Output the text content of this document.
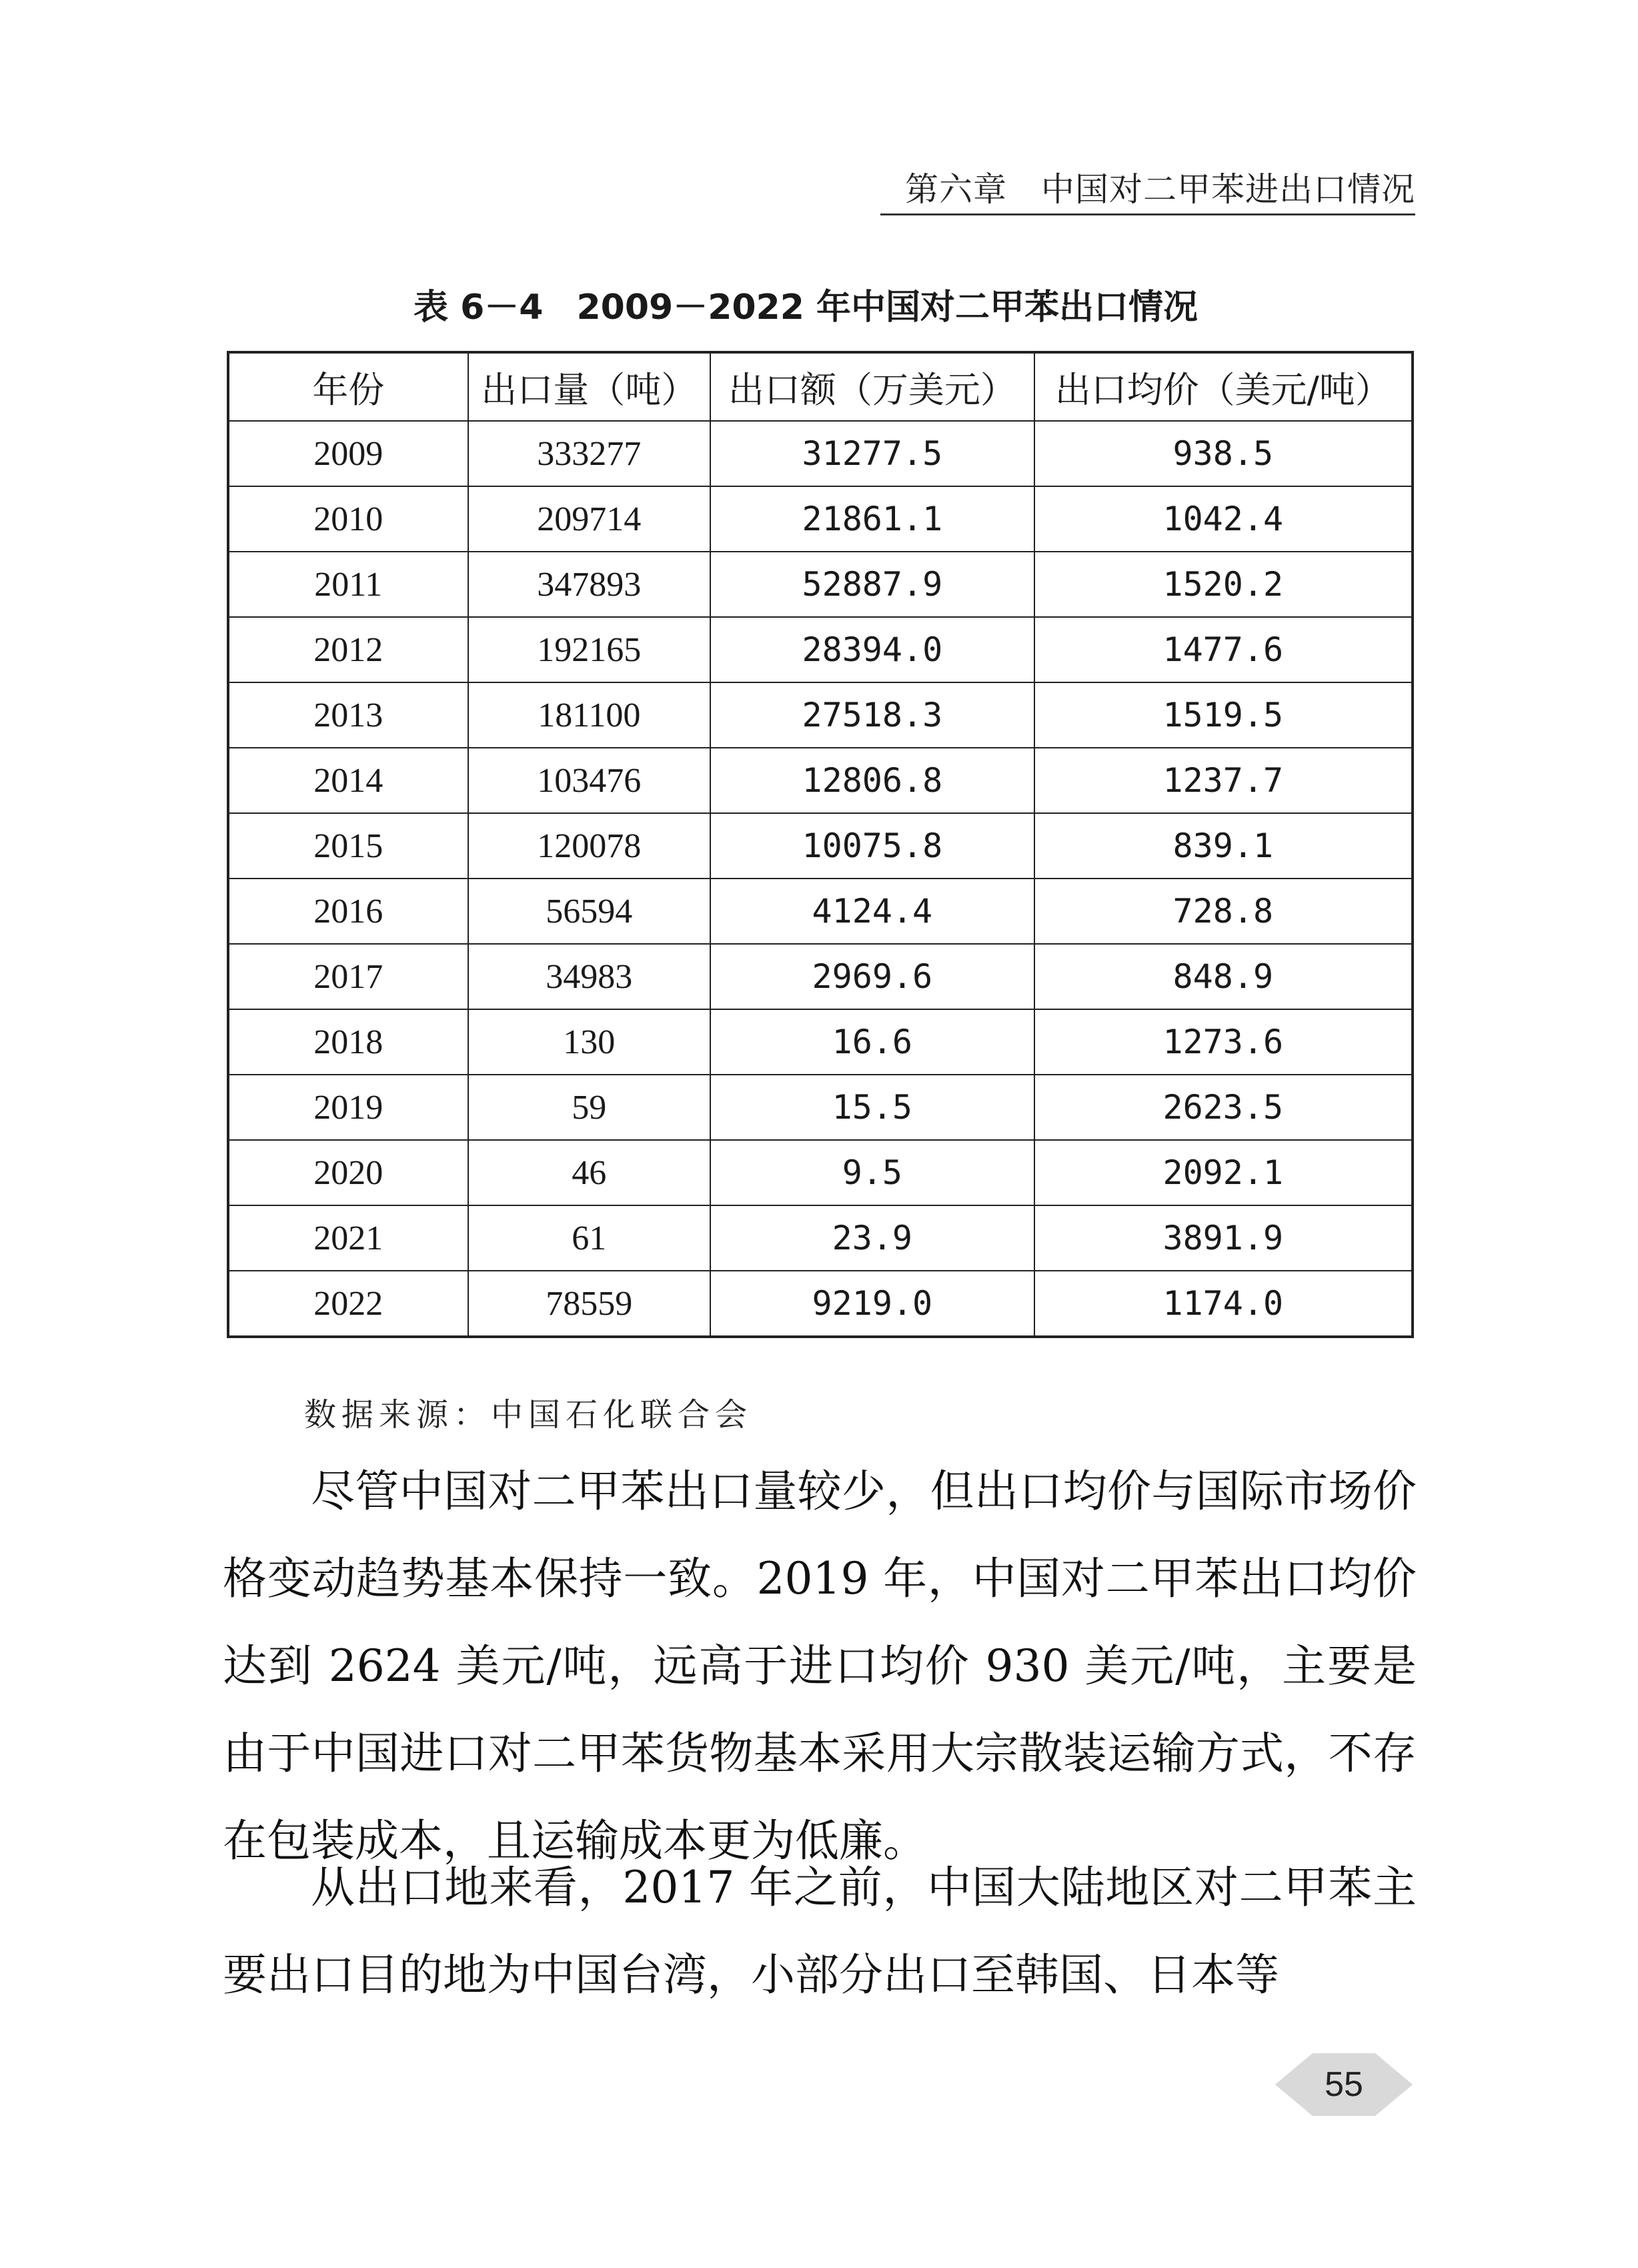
第六章　中国对二甲苯进出口情况
表 6－4 2009－2022 年中国对二甲苯出口情况
年份	出口量（吨）	出口额（万美元）	出口均价（美元/吨）
2009	333277	31277.5	938.5
2010	209714	21861.1	1042.4
2011	347893	52887.9	1520.2
2012	192165	28394.0	1477.6
2013	181100	27518.3	1519.5
2014	103476	12806.8	1237.7
2015	120078	10075.8	839.1
2016	56594	4124.4	728.8
2017	34983	2969.6	848.9
2018	130	16.6	1273.6
2019	59	15.5	2623.5
2020	46	9.5	2092.1
2021	61	23.9	3891.9
2022	78559	9219.0	1174.0
数据来源：中国石化联合会

尽管中国对二甲苯出口量较少，但出口均价与国际市场价格变动趋势基本保持一致。2019 年，中国对二甲苯出口均价达到 2624 美元/吨，远高于进口均价 930 美元/吨，主要是由于中国进口对二甲苯货物基本采用大宗散装运输方式，不存在包装成本，且运输成本更为低廉。

从出口地来看，2017 年之前，中国大陆地区对二甲苯主要出口目的地为中国台湾，小部分出口至韩国、日本等

55
